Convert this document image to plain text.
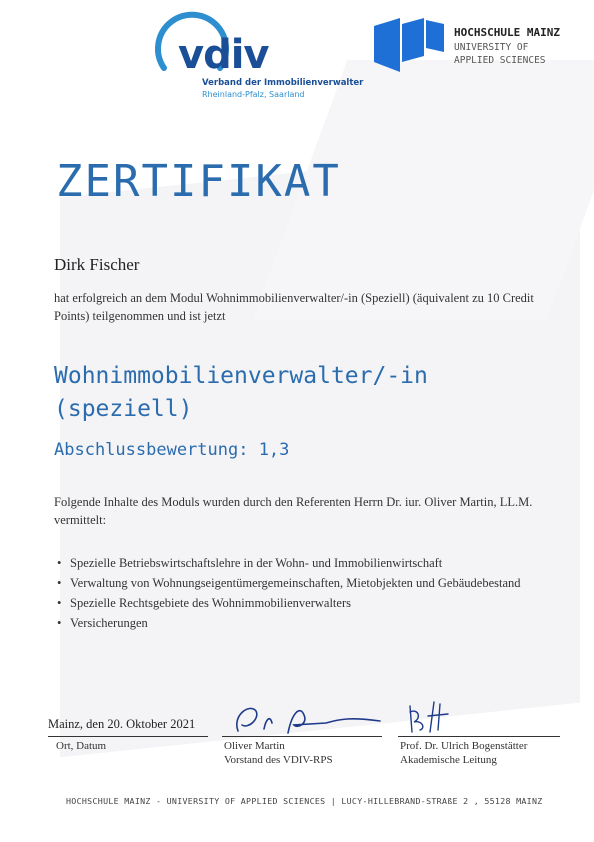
vdiv
Verband der Immobilienverwalter
Rheinland-Pfalz, Saarland
HOCHSCHULE MAINZ
UNIVERSITY OF
APPLIED SCIENCES
ZERTIFIKAT
Dirk Fischer
hat erfolgreich an dem Modul Wohnimmobilienverwalter/-in (Speziell) (äquivalent zu 10 Credit Points) teilgenommen und ist jetzt
Wohnimmobilienverwalter/-in
(speziell)
Abschlussbewertung: 1,3
Folgende Inhalte des Moduls wurden durch den Referenten Herrn Dr. iur. Oliver Martin, LL.M. vermittelt:
• Spezielle Betriebswirtschaftslehre in der Wohn- und Immobilienwirtschaft
• Verwaltung von Wohnungseigentümergemeinschaften, Mietobjekten und Gebäudebestand
• Spezielle Rechtsgebiete des Wohnimmobilienverwalters
• Versicherungen
Mainz, den 20. Oktober 2021
Ort, Datum	Oliver Martin
Vorstand des VDIV-RPS
Prof. Dr. Ulrich Bogenstätter
Akademische Leitung
HOCHSCHULE MAINZ - UNIVERSITY OF APPLIED SCIENCES | LUCY-HILLEBRAND-STRAßE 2 , 55128 MAINZ
